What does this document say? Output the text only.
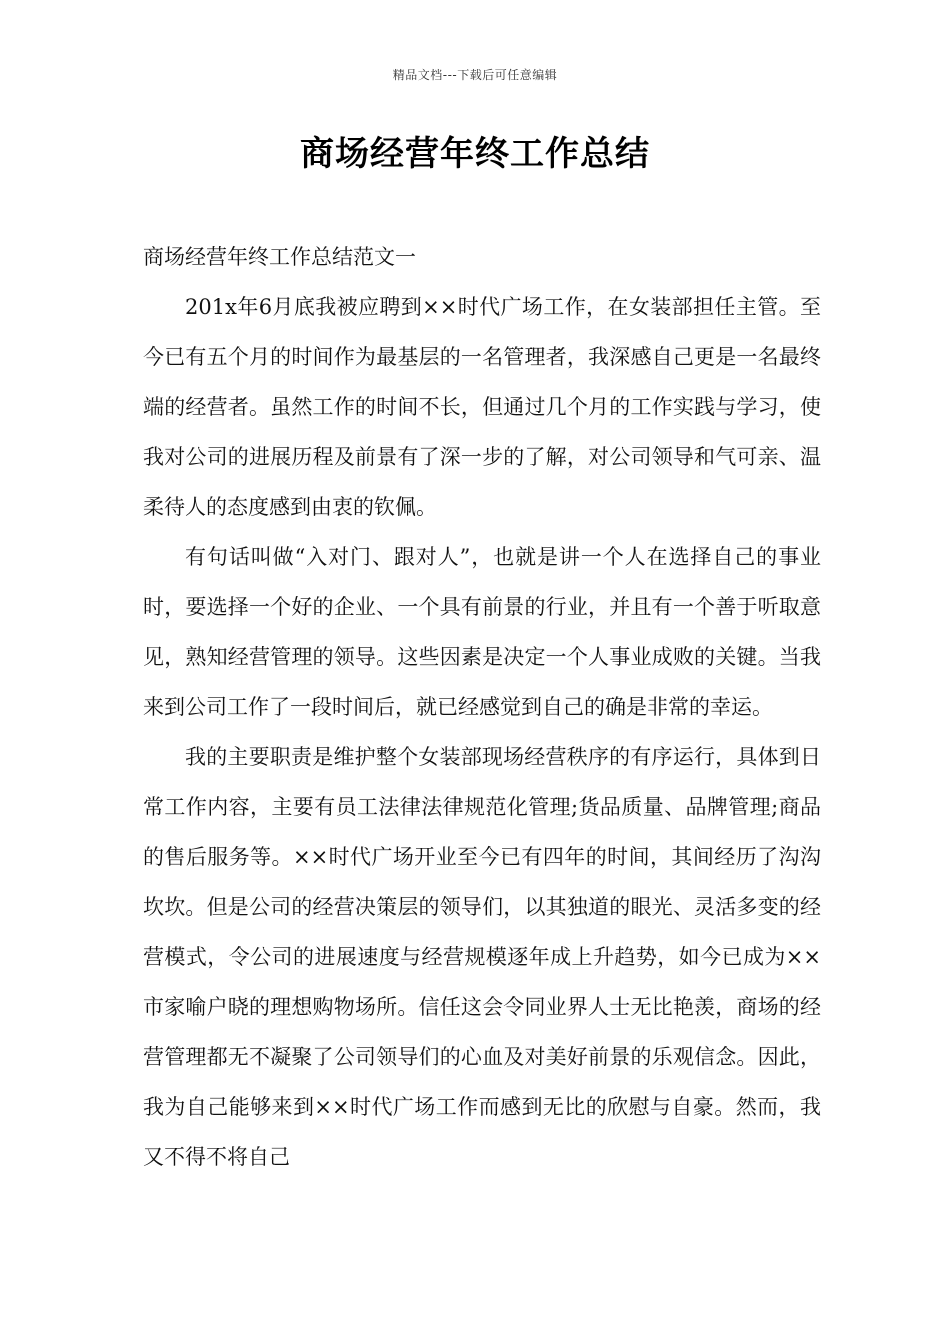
精品文档---下载后可任意编辑
商场经营年终工作总结

商场经营年终工作总结范文一

201x年6月底我被应聘到××时代广场工作，在女装部担任主管。至今已有五个月的时间作为最基层的一名管理者，我深感自己更是一名最终端的经营者。虽然工作的时间不长，但通过几个月的工作实践与学习，使我对公司的进展历程及前景有了深一步的了解，对公司领导和气可亲、温柔待人的态度感到由衷的钦佩。

有句话叫做“入对门、跟对人”，也就是讲一个人在选择自己的事业时，要选择一个好的企业、一个具有前景的行业，并且有一个善于听取意见，熟知经营管理的领导。这些因素是决定一个人事业成败的关键。当我来到公司工作了一段时间后，就已经感觉到自己的确是非常的幸运。

我的主要职责是维护整个女装部现场经营秩序的有序运行，具体到日常工作内容，主要有员工法律法律规范化管理;货品质量、品牌管理;商品的售后服务等。××时代广场开业至今已有四年的时间，其间经历了沟沟坎坎。但是公司的经营决策层的领导们，以其独道的眼光、灵活多变的经营模式，令公司的进展速度与经营规模逐年成上升趋势，如今已成为××市家喻户晓的理想购物场所。信任这会令同业界人士无比艳羡，商场的经营管理都无不凝聚了公司领导们的心血及对美好前景的乐观信念。因此，我为自己能够来到××时代广场工作而感到无比的欣慰与自豪。然而，我又不得不将自己
